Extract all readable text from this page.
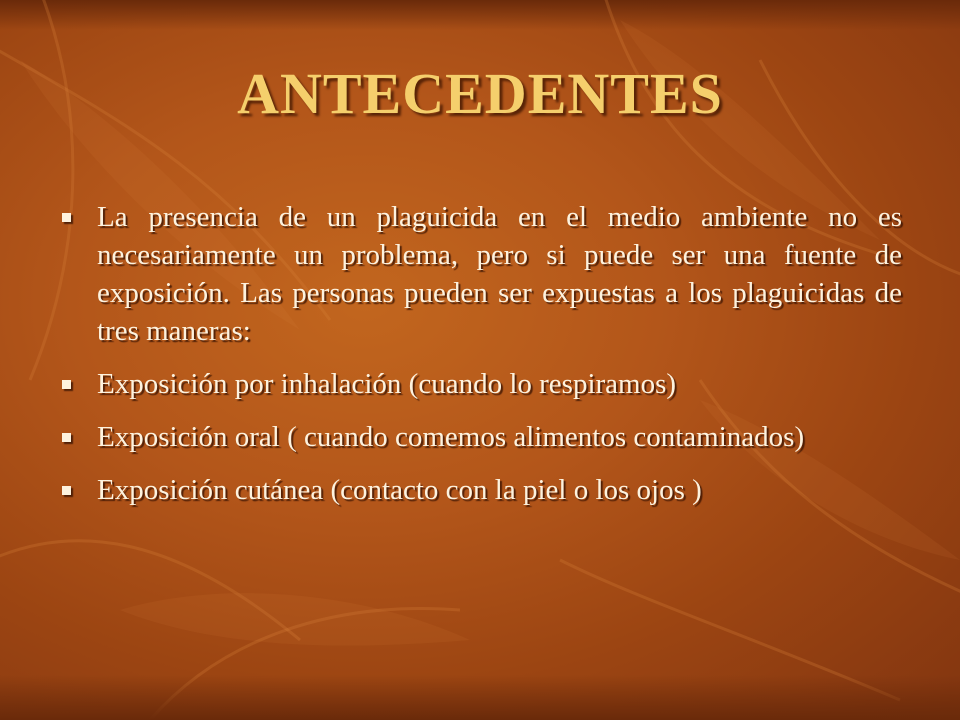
ANTECEDENTES
La presencia de un plaguicida en el medio ambiente no es necesariamente un problema, pero si puede ser una fuente de exposición. Las personas pueden ser expuestas a los plaguicidas de tres maneras:
Exposición por inhalación (cuando lo respiramos)
Exposición oral ( cuando comemos alimentos contaminados)
Exposición cutánea (contacto con la piel o los ojos )
